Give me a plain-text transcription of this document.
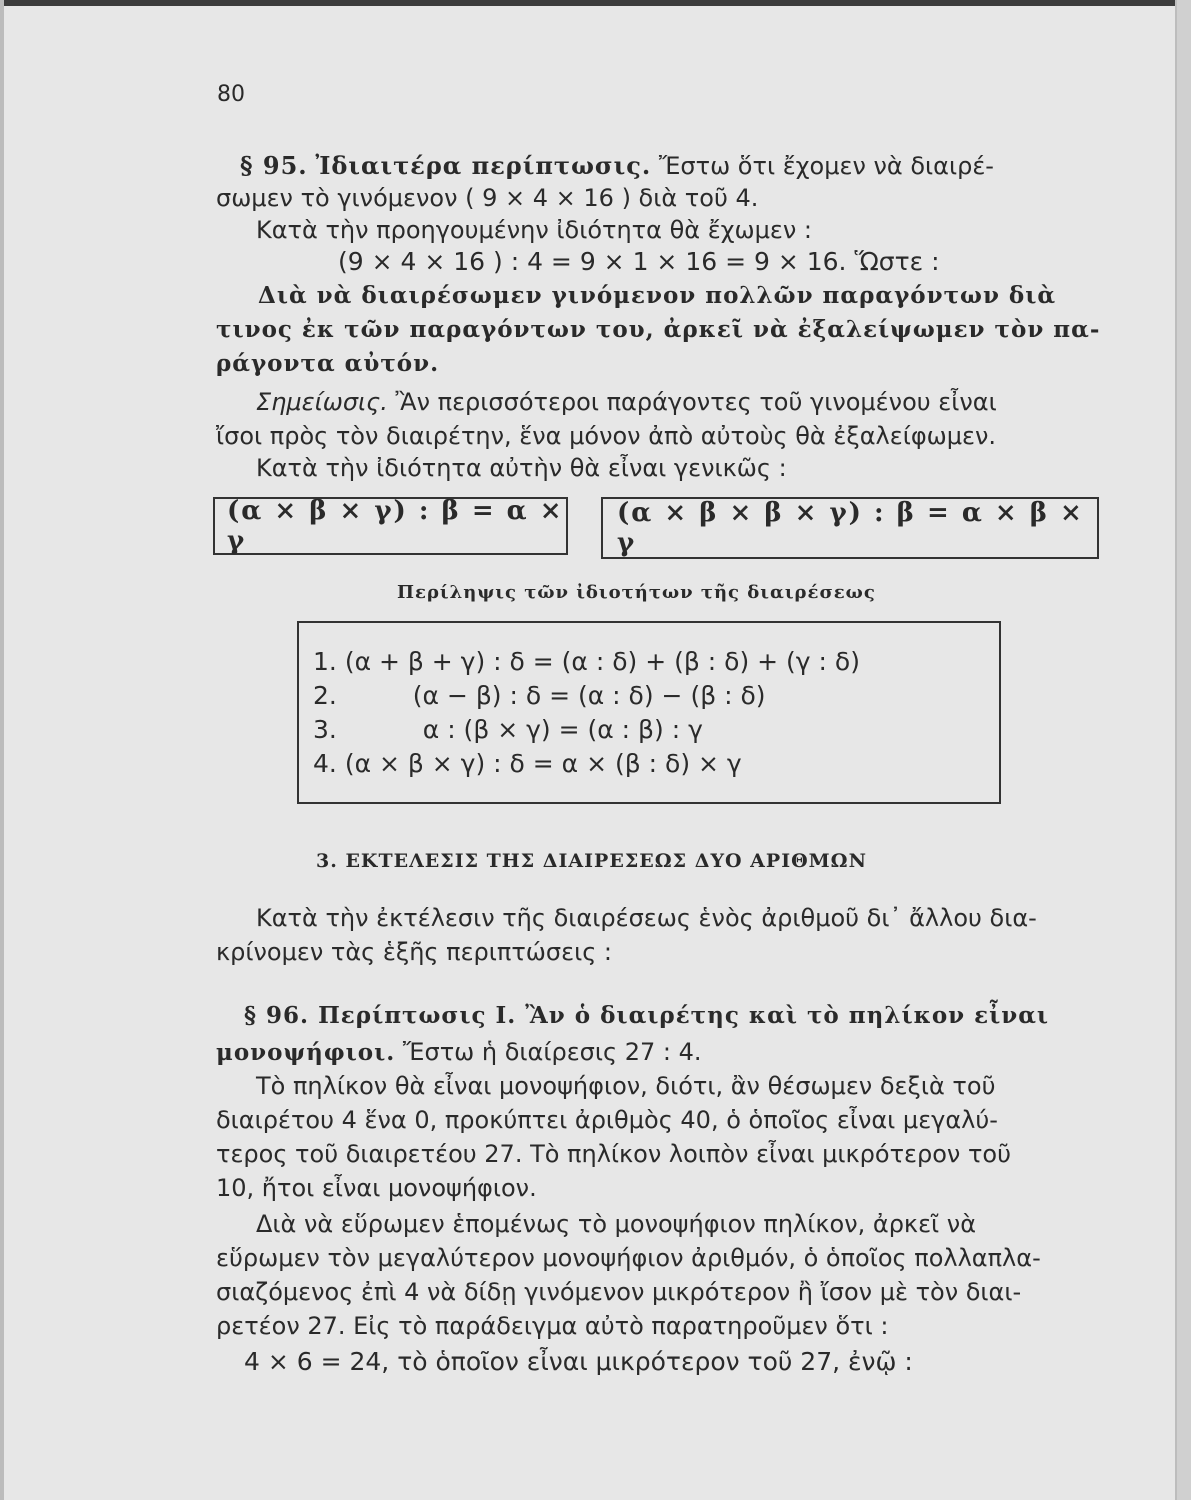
80
§ 95. Ἰδιαιτέρα περίπτωσις. Ἔστω ὅτι ἔχομεν νὰ διαιρέ-
σωμεν τὸ γινόμενον ( 9 × 4 × 16 ) διὰ τοῦ 4.
Κατὰ τὴν προηγουμένην ἰδιότητα θὰ ἔχωμεν :
(9 × 4 × 16 ) : 4 = 9 × 1 × 16 = 9 × 16. Ὥστε :
Διὰ νὰ διαιρέσωμεν γινόμενον πολλῶν παραγόντων διὰ
τινος ἐκ τῶν παραγόντων του, ἀρκεῖ νὰ ἐξαλείψωμεν τὸν πα-
ράγοντα αὐτόν.
Σημείωσις. Ἂν περισσότεροι παράγοντες τοῦ γινομένου εἶναι
ἴσοι πρὸς τὸν διαιρέτην, ἕνα μόνον ἀπὸ αὐτοὺς θὰ ἐξαλείφωμεν.
Κατὰ τὴν ἰδιότητα αὐτὴν θὰ εἶναι γενικῶς :
(α × β × γ) : β = α × γ
(α × β × β × γ) : β = α × β × γ
Περίληψις τῶν ἰδιοτήτων τῆς διαιρέσεως
1. (α + β + γ) : δ = (α : δ) + (β : δ) + (γ : δ)
2.	(α − β) : δ = (α : δ) − (β : δ)
3.	α : (β × γ) = (α : β) : γ
4. (α × β × γ) : δ = α × (β : δ) × γ
3. ΕΚΤΕΛΕΣΙΣ ΤΗΣ ΔΙΑΙΡΕΣΕΩΣ ΔΥΟ ΑΡΙΘΜΩΝ
Κατὰ τὴν ἐκτέλεσιν τῆς διαιρέσεως ἑνὸς ἀριθμοῦ δι᾽ ἄλλου δια-
κρίνομεν τὰς ἑξῆς περιπτώσεις :
§ 96. Περίπτωσις Ι. Ἂν ὁ διαιρέτης καὶ τὸ πηλίκον εἶναι
μονοψήφιοι. Ἔστω ἡ διαίρεσις 27 : 4.
Τὸ πηλίκον θὰ εἶναι μονοψήφιον, διότι, ἂν θέσωμεν δεξιὰ τοῦ
διαιρέτου 4 ἕνα 0, προκύπτει ἀριθμὸς 40, ὁ ὁποῖος εἶναι μεγαλύ-
τερος τοῦ διαιρετέου 27. Τὸ πηλίκον λοιπὸν εἶναι μικρότερον τοῦ
10, ἤτοι εἶναι μονοψήφιον.
Διὰ νὰ εὕρωμεν ἑπομένως τὸ μονοψήφιον πηλίκον, ἀρκεῖ νὰ
εὕρωμεν τὸν μεγαλύτερον μονοψήφιον ἀριθμόν, ὁ ὁποῖος πολλαπλα-
σιαζόμενος ἐπὶ 4 νὰ δίδῃ γινόμενον μικρότερον ἢ ἴσον μὲ τὸν διαι-
ρετέον 27. Εἰς τὸ παράδειγμα αὐτὸ παρατηροῦμεν ὅτι :
4 × 6 = 24, τὸ ὁποῖον εἶναι μικρότερον τοῦ 27, ἐνῷ :
